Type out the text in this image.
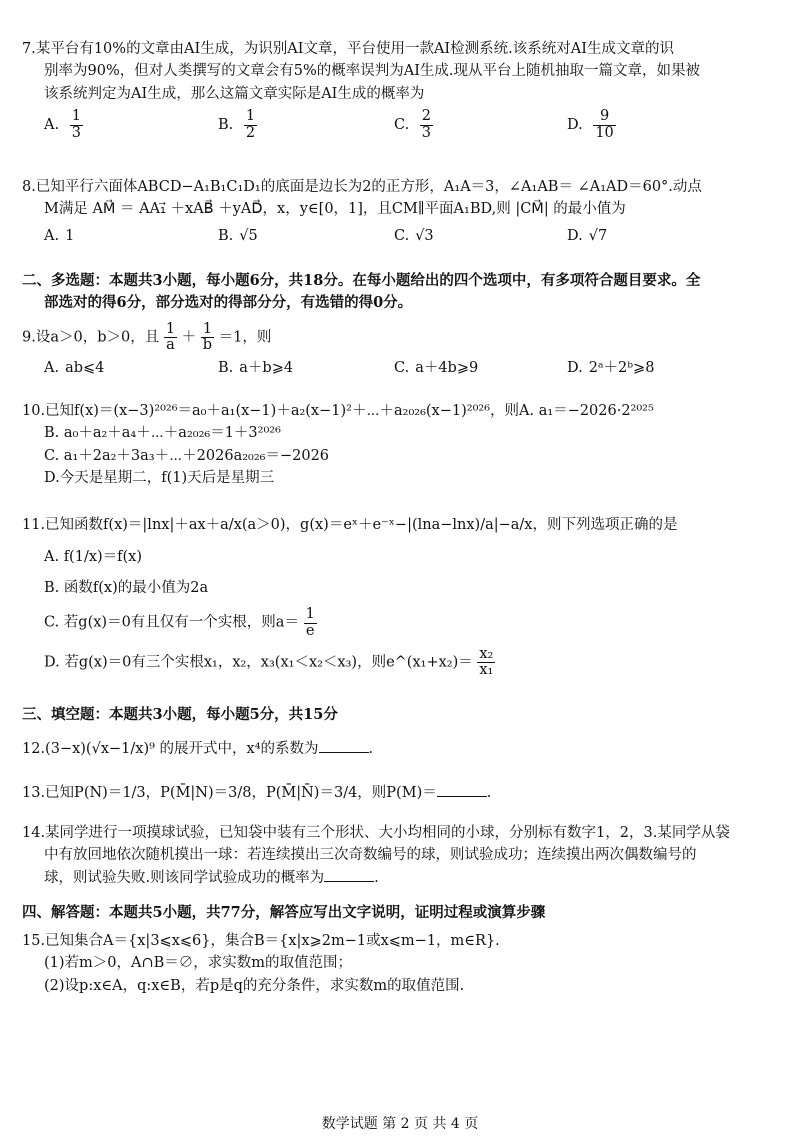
7.某平台有10%的文章由AI生成，为识别AI文章，平台使用一款AI检测系统.该系统对AI生成文章的识

别率为90%，但对人类撰写的文章会有5%的概率误判为AI生成.现从平台上随机抽取一篇文章，如果被

该系统判定为AI生成，那么这篇文章实际是AI生成的概率为

A. $\frac{1}{3}$	B. $\frac{1}{2}$	C. $\frac{2}{3}$	D. $\frac{9}{10}$

8.已知平行六面体ABCD−A₁B₁C₁D₁的底面是边长为2的正方形，A₁A＝3，∠A₁AB＝ ∠A₁AD＝60°.动点

M满足 AM⃗ ＝ AA₁⃗ ＋xAB⃗ ＋yAD⃗，x，y∈[0，1]，且CM∥平面A₁BD,则 |CM⃗| 的最小值为

A. 1	B. √5	C. √3	D. √7

二、多选题：本题共3小题，每小题6分，共18分。在每小题给出的四个选项中，有多项符合题目要求。全

部选对的得6分，部分选对的得部分分，有选错的得0分。

9.设a＞0，b＞0，且 $\frac{1}{a} + \frac{1}{b} =1$，则

A. ab⩽4	B. a＋b⩾4	C. a＋4b⩾9	D. 2ᵃ＋2ᵇ⩾8

10.已知f(x)＝(x−3)²⁰²⁶＝a₀＋a₁(x−1)＋a₂(x−1)²＋⋯＋a₂₀₂₆(x−1)²⁰²⁶，则A. a₁＝−2026·2²⁰²⁵

B. a₀＋a₂＋a₄＋⋯＋a₂₀₂₆＝1＋3²⁰²⁶

C. a₁＋2a₂＋3a₃＋⋯＋2026a₂₀₂₆＝−2026

D.今天是星期二，f(1)天后是星期三

11.已知函数f(x)＝|lnx|＋ax＋a/x(a＞0)，g(x)＝eˣ＋e⁻ˣ−|(lna−lnx)/a|−a/x，则下列选项正确的是

A. f(1/x)＝f(x)

B. 函数f(x)的最小值为2a

C. 若g(x)＝0有且仅有一个实根，则$a= \frac{1}{e}$

D. 若g(x)＝0有三个实根x₁，x₂，x₃(x₁＜x₂＜x₃)，则e^(x₁+x₂)＝ $\frac{\text{x₂}}{\text{x₁}}$

三、填空题：本题共3小题，每小题5分，共15分

12.(3−x)(√x−1/x)⁹ 的展开式中，x⁴的系数为	.

13.已知P(N)＝1/3，P(M̄|N)＝3/8，P(M̄|N̄)＝3/4，则P(M)＝	.

14.某同学进行一项摸球试验，已知袋中装有三个形状、大小均相同的小球，分别标有数字1，2，3.某同学从袋

中有放回地依次随机摸出一球：若连续摸出三次奇数编号的球，则试验成功；连续摸出两次偶数编号的

球，则试验失败.则该同学试验成功的概率为	.

四、解答题：本题共5小题，共77分，解答应写出文字说明，证明过程或演算步骤

15.已知集合A＝{x|3⩽x⩽6}，集合B＝{x|x⩾2m−1或x⩽m−1，m∈R}.

(1)若m＞0，A∩B＝∅，求实数m的取值范围；

(2)设p:x∈A，q:x∈B，若p是q的充分条件，求实数m的取值范围.

数学试题 第 2 页 共 4 页
